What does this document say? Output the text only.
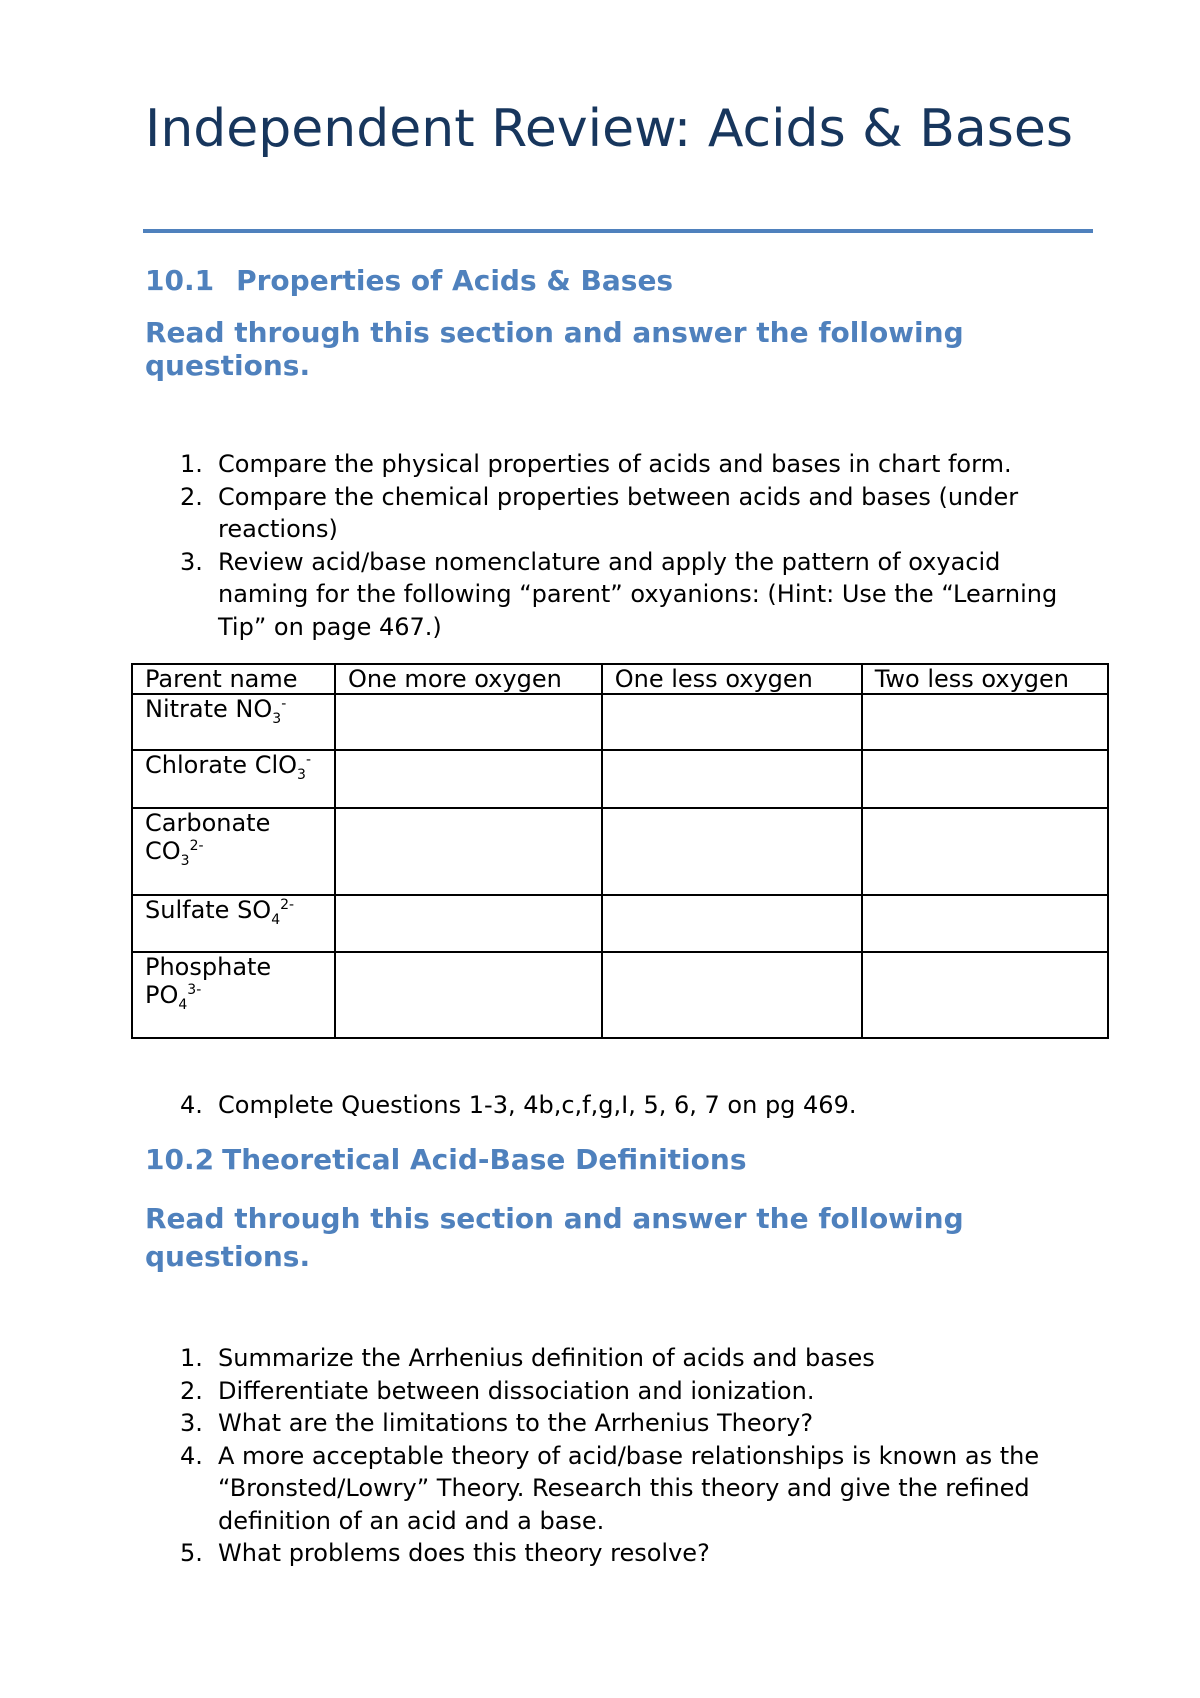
Independent Review: Acids & Bases
10.1 Properties of Acids & Bases

Read through this section and answer the following questions.

1. Compare the physical properties of acids and bases in chart form.
2. Compare the chemical properties between acids and bases (under reactions)
3. Review acid/base nomenclature and apply the pattern of oxyacid naming for the following “parent” oxyanions: (Hint: Use the “Learning Tip” on page 467.)
Parent name	One more oxygen	One less oxygen	Two less oxygen
Nitrate $NO_3^-$			
Chlorate ClO$_3$-			
Carbonate $CO_3^{2-}$			
Sulfate $SO_4^{2-}$			
Phosphate $PO_4^{3-}$			
4. Complete Questions 1-3, 4b,c,f,g,I, 5, 6, 7 on pg 469.
10.2 Theoretical Acid-Base Definitions

Read through this section and answer the following questions.

1. Summarize the Arrhenius definition of acids and bases
2. Differentiate between dissociation and ionization.
3. What are the limitations to the Arrhenius Theory?
4. A more acceptable theory of acid/base relationships is known as the “Bronsted/Lowry” Theory. Research this theory and give the refined definition of an acid and a base.
5. What problems does this theory resolve?
